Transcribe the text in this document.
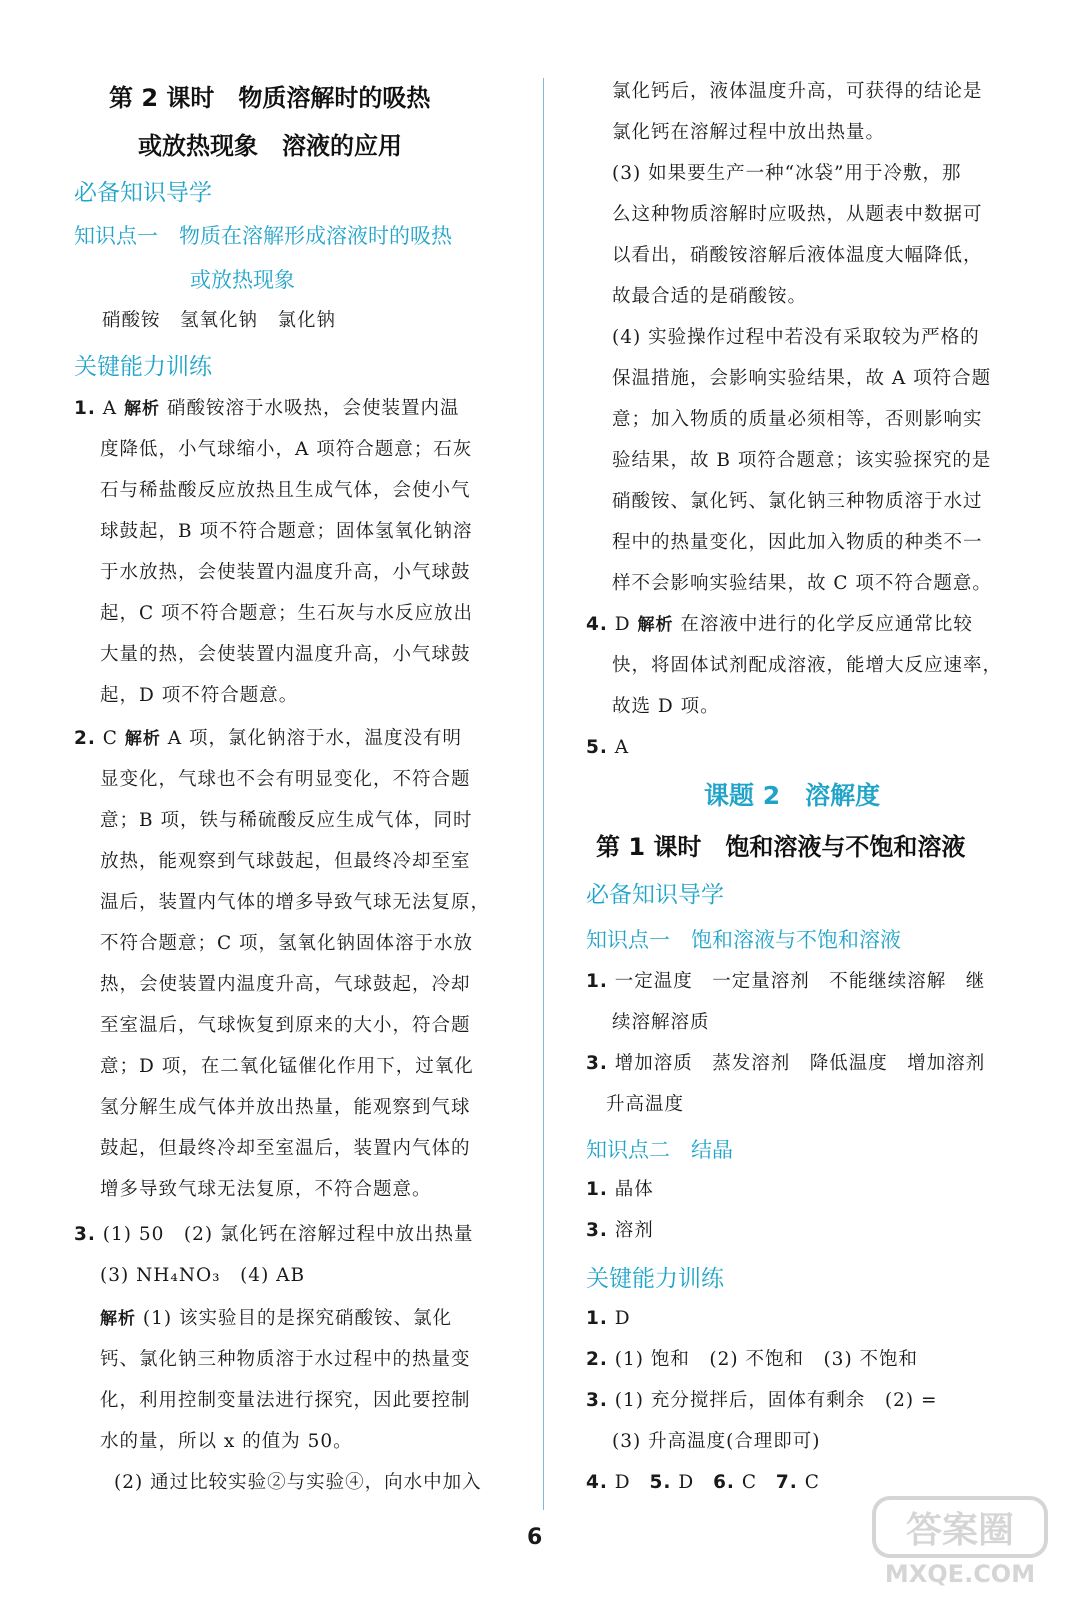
第 2 课时　物质溶解时的吸热
或放热现象　溶液的应用
必备知识导学
知识点一　物质在溶解形成溶液时的吸热
或放热现象
硝酸铵　氢氧化钠　氯化钠
关键能力训练
1. A 解析 硝酸铵溶于水吸热，会使装置内温
度降低，小气球缩小，A 项符合题意；石灰
石与稀盐酸反应放热且生成气体，会使小气
球鼓起，B 项不符合题意；固体氢氧化钠溶
于水放热，会使装置内温度升高，小气球鼓
起，C 项不符合题意；生石灰与水反应放出
大量的热，会使装置内温度升高，小气球鼓
起，D 项不符合题意。
2. C 解析 A 项，氯化钠溶于水，温度没有明
显变化，气球也不会有明显变化，不符合题
意；B 项，铁与稀硫酸反应生成气体，同时
放热，能观察到气球鼓起，但最终冷却至室
温后，装置内气体的增多导致气球无法复原，
不符合题意；C 项，氢氧化钠固体溶于水放
热，会使装置内温度升高，气球鼓起，冷却
至室温后，气球恢复到原来的大小，符合题
意；D 项，在二氧化锰催化作用下，过氧化
氢分解生成气体并放出热量，能观察到气球
鼓起，但最终冷却至室温后，装置内气体的
增多导致气球无法复原，不符合题意。
3. (1) 50　(2) 氯化钙在溶解过程中放出热量
(3) NH₄NO₃　(4) AB
解析 (1) 该实验目的是探究硝酸铵、氯化
钙、氯化钠三种物质溶于水过程中的热量变
化，利用控制变量法进行探究，因此要控制
水的量，所以 x 的值为 50。
(2) 通过比较实验②与实验④，向水中加入
氯化钙后，液体温度升高，可获得的结论是
氯化钙在溶解过程中放出热量。
(3) 如果要生产一种“冰袋”用于冷敷，那
么这种物质溶解时应吸热，从题表中数据可
以看出，硝酸铵溶解后液体温度大幅降低，
故最合适的是硝酸铵。
(4) 实验操作过程中若没有采取较为严格的
保温措施，会影响实验结果，故 A 项符合题
意；加入物质的质量必须相等，否则影响实
验结果，故 B 项符合题意；该实验探究的是
硝酸铵、氯化钙、氯化钠三种物质溶于水过
程中的热量变化，因此加入物质的种类不一
样不会影响实验结果，故 C 项不符合题意。
4. D 解析 在溶液中进行的化学反应通常比较
快，将固体试剂配成溶液，能增大反应速率，
故选 D 项。
5. A
课题 2　溶解度
第 1 课时　饱和溶液与不饱和溶液
必备知识导学
知识点一　饱和溶液与不饱和溶液
1. 一定温度　一定量溶剂　不能继续溶解　继
续溶解溶质
3. 增加溶质　蒸发溶剂　降低温度　增加溶剂
升高温度
知识点二　结晶
1. 晶体
3. 溶剂
关键能力训练
1. D
2. (1) 饱和　(2) 不饱和　(3) 不饱和
3. (1) 充分搅拌后，固体有剩余　(2) =
(3) 升高温度(合理即可)
4. D 5. D 6. C 7. C
6	答案圈
MXQE.COM
